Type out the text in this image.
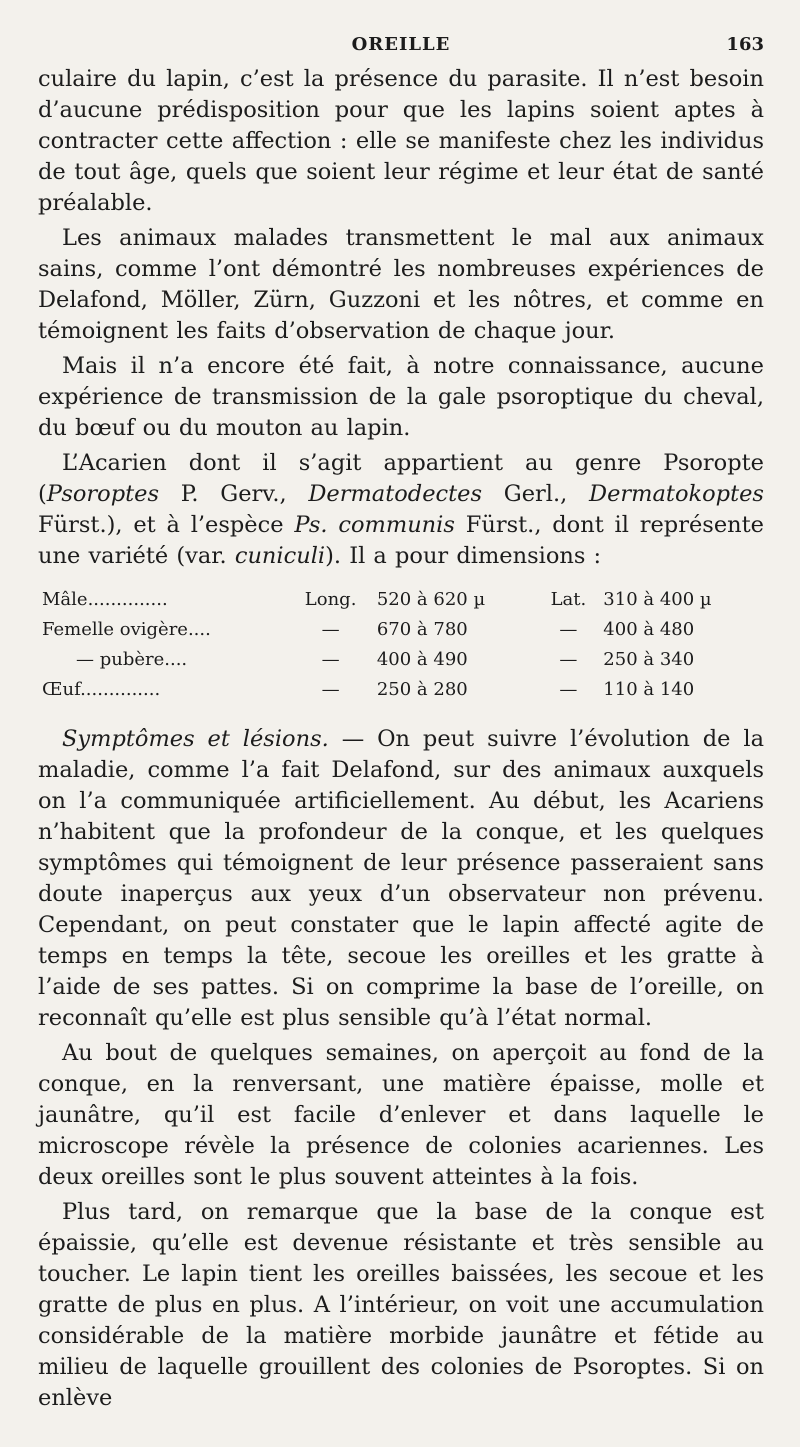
OREILLE	163

culaire du lapin, c’est la présence du parasite. Il n’est besoin d’aucune prédisposition pour que les lapins soient aptes à contracter cette affection : elle se manifeste chez les individus de tout âge, quels que soient leur régime et leur état de santé préalable.

Les animaux malades transmettent le mal aux animaux sains, comme l’ont démontré les nombreuses expériences de Delafond, Möller, Zürn, Guzzoni et les nôtres, et comme en témoignent les faits d’observation de chaque jour.

Mais il n’a encore été fait, à notre connaissance, aucune expérience de transmission de la gale psoroptique du cheval, du bœuf ou du mouton au lapin.

L’Acarien dont il s’agit appartient au genre Psoropte (Psoroptes P. Gerv., Dermatodectes Gerl., Dermatokoptes Fürst.), et à l’espèce Ps. communis Fürst., dont il représente une variété (var. cuniculi). Il a pour dimensions :

Mâle..............	Long.	520 à 620 µ	Lat.	310 à 400 µ
Femelle ovigère....	—	670 à 780	—	400 à 480
— pubère....	—	400 à 490	—	250 à 340
Œuf..............	—	250 à 280	—	110 à 140

Symptômes et lésions. — On peut suivre l’évolution de la maladie, comme l’a fait Delafond, sur des animaux auxquels on l’a communiquée artificiellement. Au début, les Acariens n’habitent que la profondeur de la conque, et les quelques symptômes qui témoignent de leur présence passeraient sans doute inaperçus aux yeux d’un observateur non prévenu. Cependant, on peut constater que le lapin affecté agite de temps en temps la tête, secoue les oreilles et les gratte à l’aide de ses pattes. Si on comprime la base de l’oreille, on reconnaît qu’elle est plus sensible qu’à l’état normal.

Au bout de quelques semaines, on aperçoit au fond de la conque, en la renversant, une matière épaisse, molle et jaunâtre, qu’il est facile d’enlever et dans laquelle le microscope révèle la présence de colonies acariennes. Les deux oreilles sont le plus souvent atteintes à la fois.

Plus tard, on remarque que la base de la conque est épaissie, qu’elle est devenue résistante et très sensible au toucher. Le lapin tient les oreilles baissées, les secoue et les gratte de plus en plus. A l’intérieur, on voit une accumulation considérable de la matière morbide jaunâtre et fétide au milieu de laquelle grouillent des colonies de Psoroptes. Si on enlève
